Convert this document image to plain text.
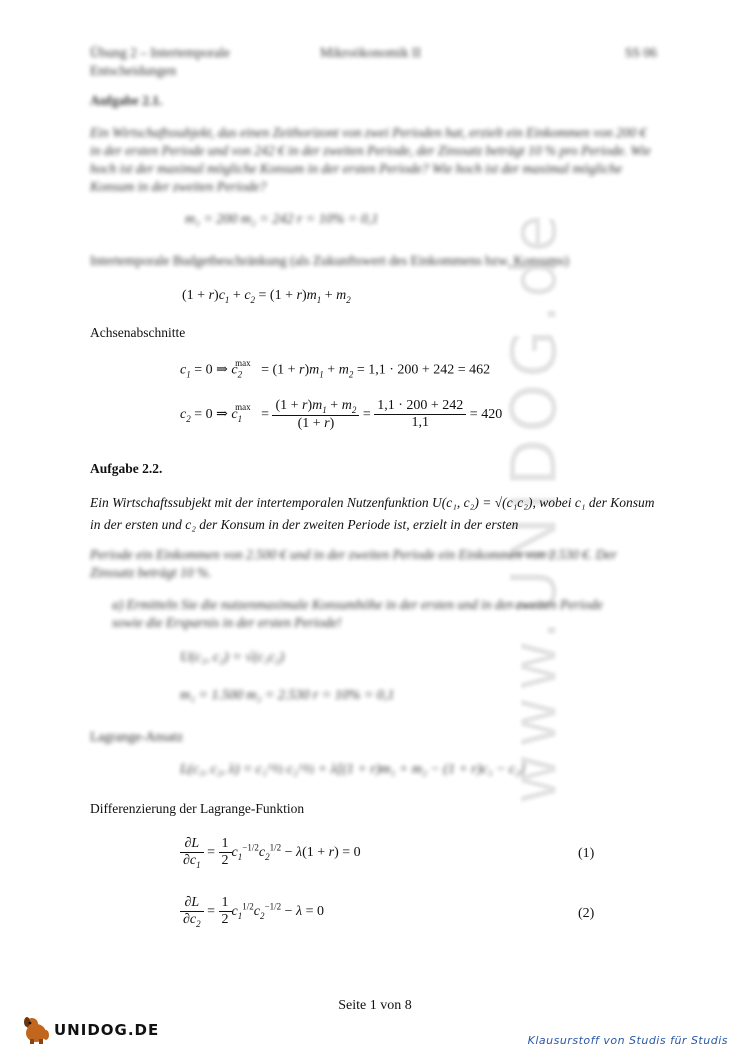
www.UNIDOG.de
Übung 2 – Intertemporale Entscheidungen
Mikroökonomik II	SS 06
Aufgabe 2.1.
Ein Wirtschaftssubjekt, das einen Zeithorizont von zwei Perioden hat, erzielt ein Einkommen von 200 € in der ersten Periode und von 242 € in der zweiten Periode, der Zinssatz beträgt 10 % pro Periode. Wie hoch ist der maximal mögliche Konsum in der ersten Periode? Wie hoch ist der maximal mögliche Konsum in der zweiten Periode?
m₁ = 200 m₂ = 242 r = 10% = 0,1
Intertemporale Budgetbeschränkung (als Zukunftswert des Einkommens bzw. Konsums)
$(1 + r)c_1 + c_2 = (1 + r)m_1 + m_2$
Achsenabschnitte
$c_1 = 0$ ⇒ $c_2^{max} = (1 + r)m_1 + m_2 = 1,1 \cdot 200 + 242 = 462$
$c_2 = 0$ ⇒ $c_1^{max} = \frac{(1 + r)m_1 + m_2}{(1 + r)} = \frac{1,1 \cdot 200 + 242}{1,1} = 420$
Aufgabe 2.2.
Ein Wirtschaftssubjekt mit der intertemporalen Nutzenfunktion U(c₁, c₂) = √(c₁c₂), wobei c₁ der Konsum in der ersten und c₂ der Konsum in der zweiten Periode ist, erzielt in der ersten
Periode ein Einkommen von 2.500 € und in der zweiten Periode ein Einkommen von 2.530 €. Der Zinssatz beträgt 10 %.
a) Ermitteln Sie die nutzenmaximale Konsumhöhe in der ersten und in der zweiten Periode sowie die Ersparnis in der ersten Periode!
U(c₁, c₂) = √(c₁c₂)
m₁ = 1.500 m₂ = 2.530 r = 10% = 0,1
Lagrange-Ansatz
L(c₁, c₂, λ) = c₁^½ c₂^½ + λ[(1 + r)m₁ + m₂ − (1 + r)c₁ − c₂]
Differenzierung der Lagrange-Funktion
$\frac{\partial L}{\partial c_1} = \frac{1}{2} c_1^{-1/2}c_2^{1/2} - \lambda(1 + r) = 0$	(1)
$\frac{\partial L}{\partial c_2} = \frac{1}{2} c_1^{1/2}c_2^{-1/2} - \lambda = 0$	(2)
Seite 1 von 8
UNIDOG.DE
Klausurstoff von Studis für Studis
